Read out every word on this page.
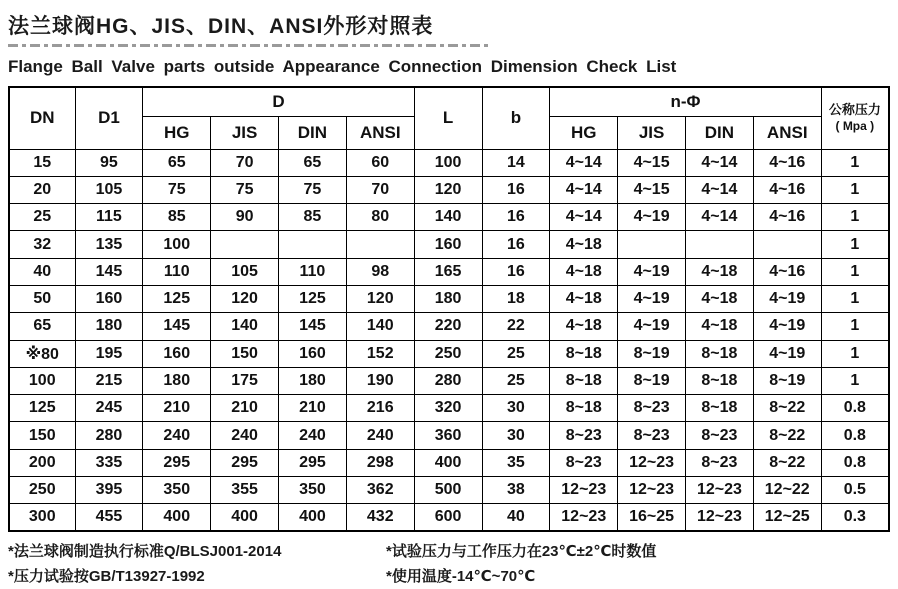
法兰球阀HG、JIS、DIN、ANSI外形对照表
Flange Ball Valve parts outside Appearance Connection Dimension Check List
DN	D1	D				L	b	n-Φ				公称压力
( Mpa )
		HG	JIS	DIN	ANSI			HG	JIS	DIN	ANSI	
15	95	65	70	65	60	100	14	4~14	4~15	4~14	4~16	1
20	105	75	75	75	70	120	16	4~14	4~15	4~14	4~16	1
25	115	85	90	85	80	140	16	4~14	4~19	4~14	4~16	1
32	135	100				160	16	4~18				1
40	145	110	105	110	98	165	16	4~18	4~19	4~18	4~16	1
50	160	125	120	125	120	180	18	4~18	4~19	4~18	4~19	1
65	180	145	140	145	140	220	22	4~18	4~19	4~18	4~19	1
※80	195	160	150	160	152	250	25	8~18	8~19	8~18	4~19	1
100	215	180	175	180	190	280	25	8~18	8~19	8~18	8~19	1
125	245	210	210	210	216	320	30	8~18	8~23	8~18	8~22	0.8
150	280	240	240	240	240	360	30	8~23	8~23	8~23	8~22	0.8
200	335	295	295	295	298	400	35	8~23	12~23	8~23	8~22	0.8
250	395	350	355	350	362	500	38	12~23	12~23	12~23	12~22	0.5
300	455	400	400	400	432	600	40	12~23	16~25	12~23	12~25	0.3
*法兰球阀制造执行标准Q/BLSJ001-2014
*压力试验按GB/T13927-1992
*试验压力与工作压力在23℃±2℃时数值
*使用温度-14℃~70℃
